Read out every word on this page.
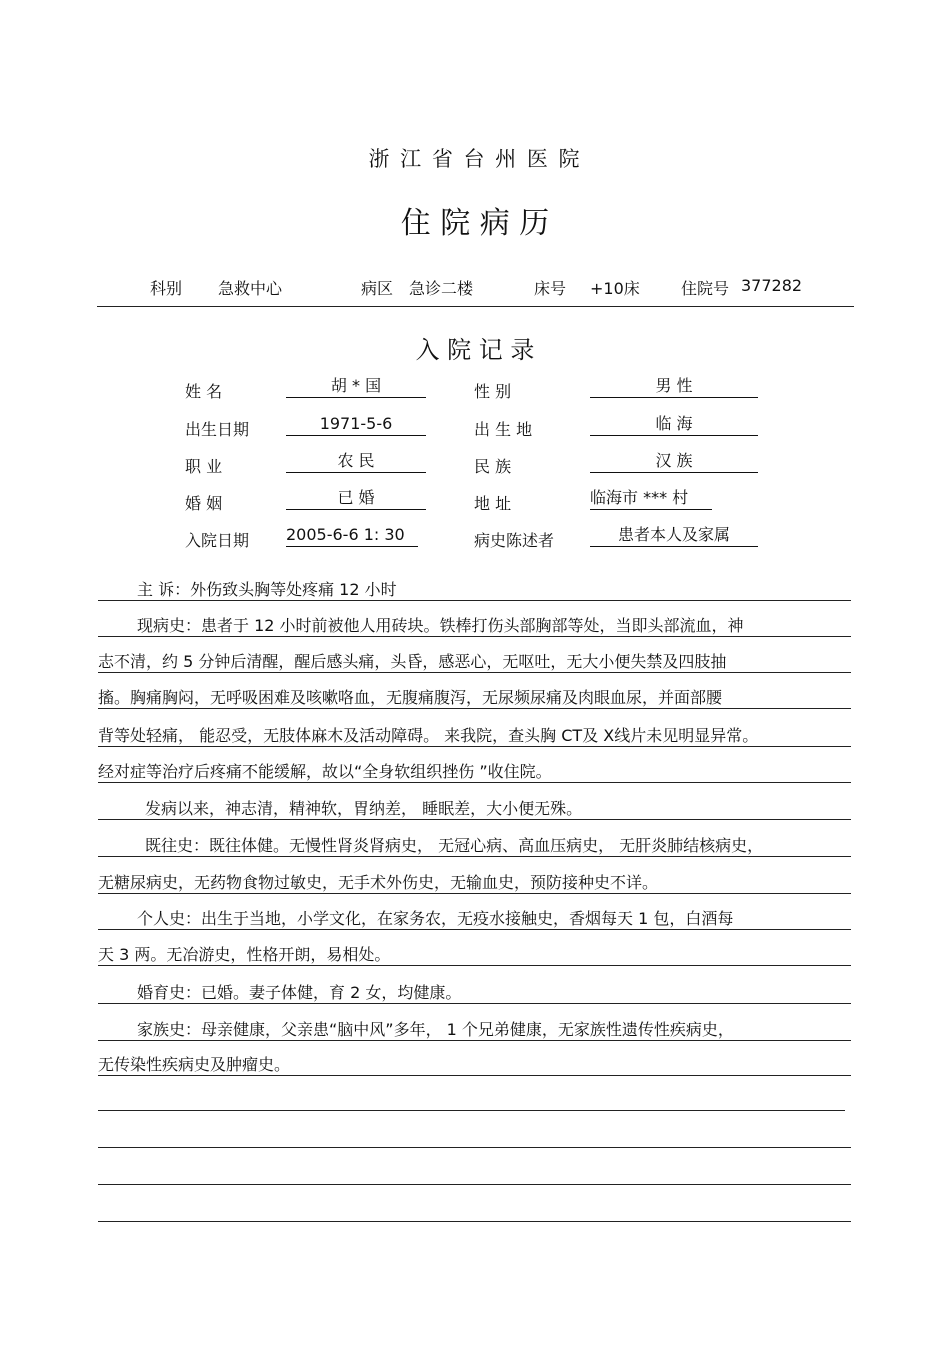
浙 江 省 台 州 医 院
住 院 病 历
科别 急救中心	病区 急诊二楼	床号 +10床	住院号 377282
入 院 记 录
姓 名	胡 * 国	性 别	男 性
出生日期	1971-5-6	出 生 地	临 海
职 业	农 民	民 族	汉 族
婚 姻	已 婚	地 址	临海市 *** 村
入院日期 2005-6-6 1: 30	病史陈述者	患者本人及家属
主 诉：外伤致头胸等处疼痛 12 小时
现病史：患者于 12 小时前被他人用砖块。铁棒打伤头部胸部等处，当即头部流血，神
志不清，约 5 分钟后清醒，醒后感头痛，头昏，感恶心，无呕吐，无大小便失禁及四肢抽
搐。胸痛胸闷，无呼吸困难及咳嗽咯血，无腹痛腹泻，无尿频尿痛及肉眼血尿，并面部腰
背等处轻痛， 能忍受，无肢体麻木及活动障碍。 来我院，查头胸 CT及 X线片未见明显异常。
经对症等治疗后疼痛不能缓解，故以“全身软组织挫伤 ”收住院。
发病以来，神志清，精神软，胃纳差， 睡眠差，大小便无殊。
既往史：既往体健。无慢性肾炎肾病史， 无冠心病、高血压病史， 无肝炎肺结核病史，
无糖尿病史，无药物食物过敏史，无手术外伤史，无输血史，预防接种史不详。
个人史：出生于当地，小学文化，在家务农，无疫水接触史，香烟每天 1 包，白酒每
天 3 两。无冶游史，性格开朗，易相处。
婚育史：已婚。妻子体健，育 2 女，均健康。
家族史：母亲健康，父亲患“脑中风”多年， 1 个兄弟健康，无家族性遗传性疾病史，
无传染性疾病史及肿瘤史。
